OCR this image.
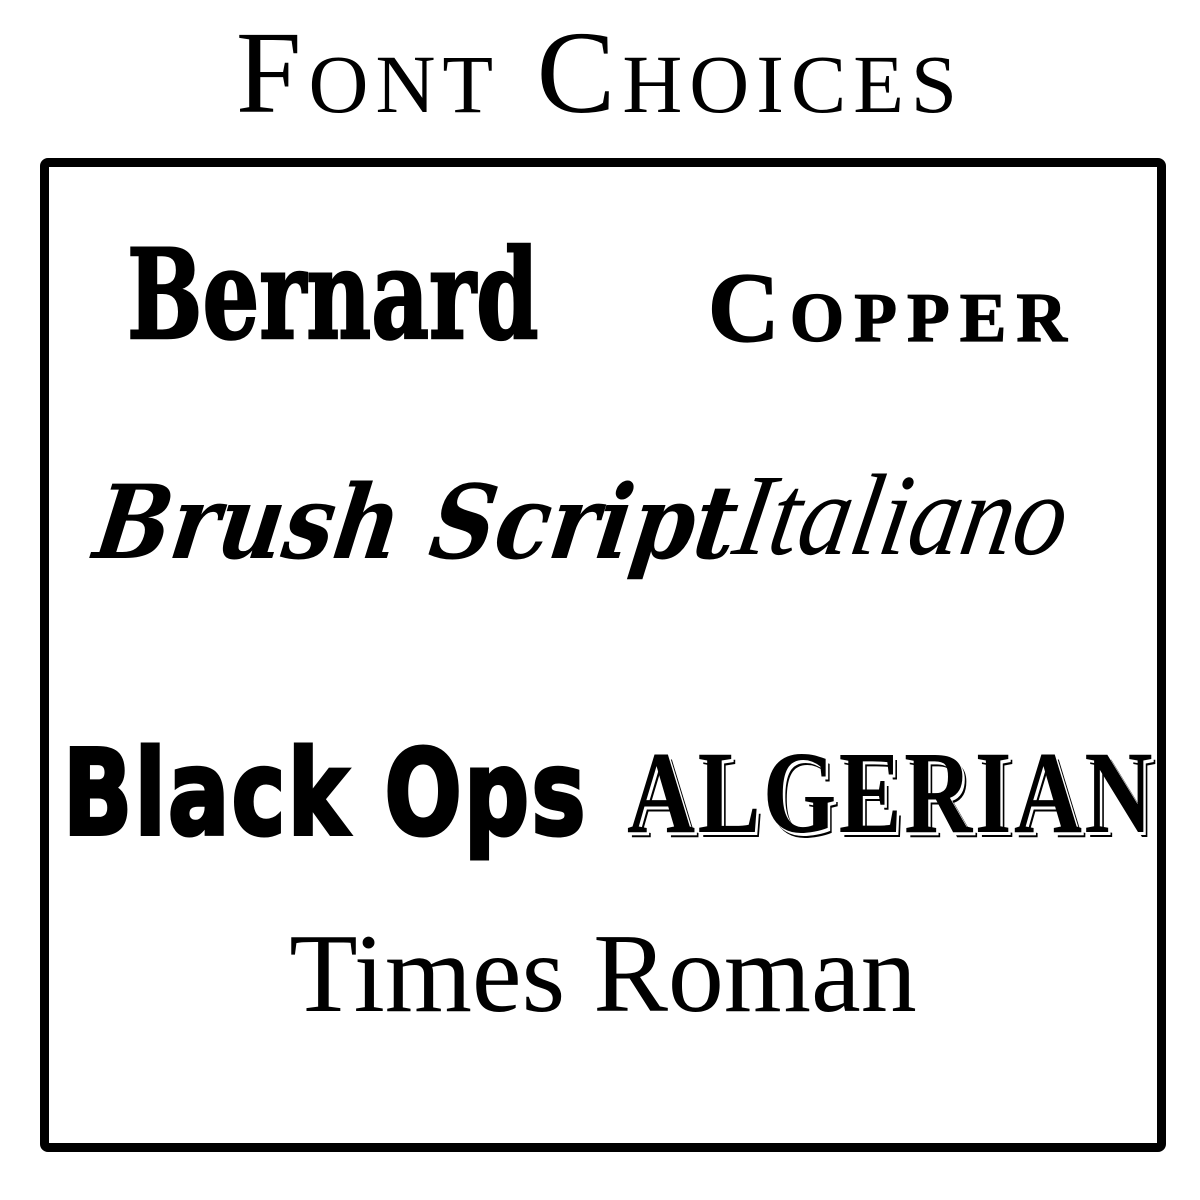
Font Choices
Bernard Copper
Brush Script
Italiano
Black Ops ALGERIAN
Times Roman
